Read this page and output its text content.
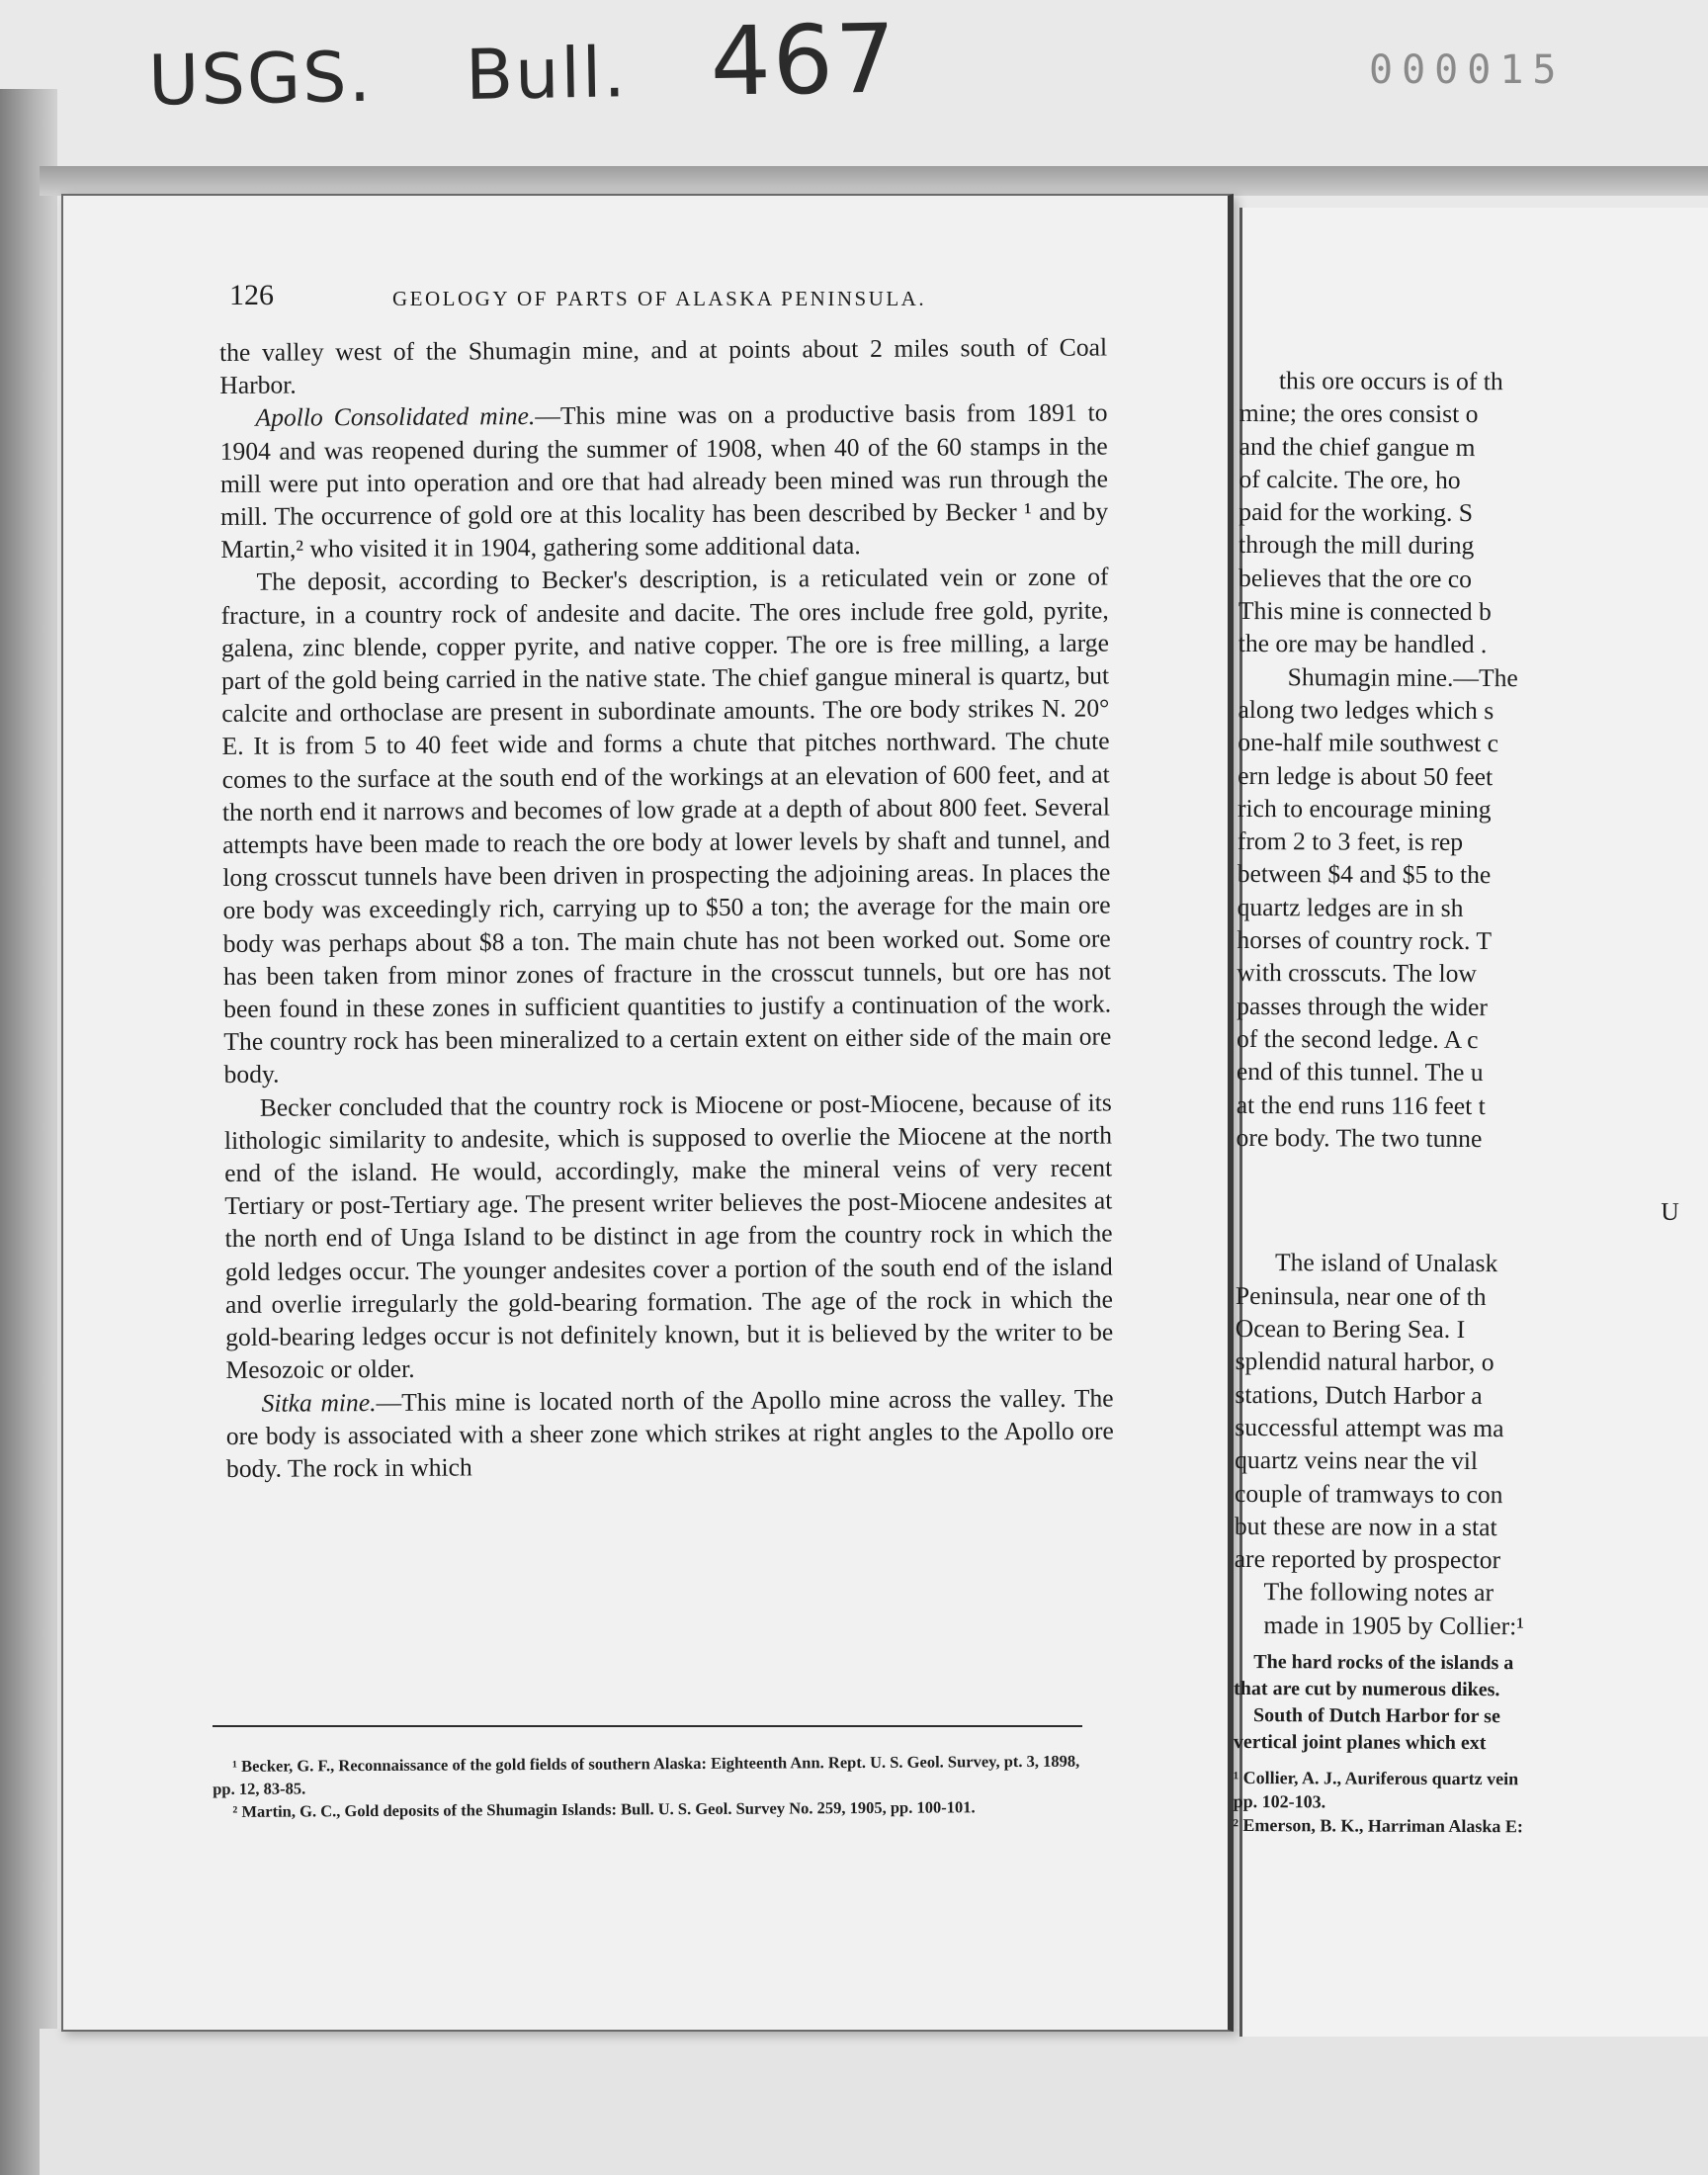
USGS. Bull. 467	000015
126	GEOLOGY OF PARTS OF ALASKA PENINSULA.

the valley west of the Shumagin mine, and at points about 2 miles south of Coal Harbor.

Apollo Consolidated mine.—This mine was on a productive basis from 1891 to 1904 and was reopened during the summer of 1908, when 40 of the 60 stamps in the mill were put into operation and ore that had already been mined was run through the mill. The occurrence of gold ore at this locality has been described by Becker ¹ and by Martin,² who visited it in 1904, gathering some additional data.

The deposit, according to Becker's description, is a reticulated vein or zone of fracture, in a country rock of andesite and dacite. The ores include free gold, pyrite, galena, zinc blende, copper pyrite, and native copper. The ore is free milling, a large part of the gold being carried in the native state. The chief gangue mineral is quartz, but calcite and orthoclase are present in subordinate amounts. The ore body strikes N. 20° E. It is from 5 to 40 feet wide and forms a chute that pitches northward. The chute comes to the surface at the south end of the workings at an elevation of 600 feet, and at the north end it narrows and becomes of low grade at a depth of about 800 feet. Several attempts have been made to reach the ore body at lower levels by shaft and tunnel, and long crosscut tunnels have been driven in prospecting the adjoining areas. In places the ore body was exceedingly rich, carrying up to $50 a ton; the average for the main ore body was perhaps about $8 a ton. The main chute has not been worked out. Some ore has been taken from minor zones of fracture in the crosscut tunnels, but ore has not been found in these zones in sufficient quantities to justify a continuation of the work. The country rock has been mineralized to a certain extent on either side of the main ore body.

Becker concluded that the country rock is Miocene or post-Miocene, because of its lithologic similarity to andesite, which is supposed to overlie the Miocene at the north end of the island. He would, accordingly, make the mineral veins of very recent Tertiary or post-Tertiary age. The present writer believes the post-Miocene andesites at the north end of Unga Island to be distinct in age from the country rock in which the gold ledges occur. The younger andesites cover a portion of the south end of the island and overlie irregularly the gold-bearing formation. The age of the rock in which the gold-bearing ledges occur is not definitely known, but it is believed by the writer to be Mesozoic or older.

Sitka mine.—This mine is located north of the Apollo mine across the valley. The ore body is associated with a sheer zone which strikes at right angles to the Apollo ore body. The rock in which

¹ Becker, G. F., Reconnaissance of the gold fields of southern Alaska: Eighteenth Ann. Rept. U. S. Geol. Survey, pt. 3, 1898, pp. 12, 83-85.

² Martin, G. C., Gold deposits of the Shumagin Islands: Bull. U. S. Geol. Survey No. 259, 1905, pp. 100-101.

this ore occurs is of th
mine; the ores consist o
and the chief gangue m
of calcite. The ore, ho
paid for the working. S
through the mill during
believes that the ore co
This mine is connected b
the ore may be handled .
Shumagin mine.—The
along two ledges which s
one-half mile southwest c
ern ledge is about 50 feet
rich to encourage mining
from 2 to 3 feet, is rep
between $4 and $5 to the
quartz ledges are in sh
horses of country rock. T
with crosscuts. The low
passes through the wider
of the second ledge. A c
end of this tunnel. The u
at the end runs 116 feet t
ore body. The two tunne
U
The island of Unalask
Peninsula, near one of th
Ocean to Bering Sea. I
splendid natural harbor, o
stations, Dutch Harbor a
successful attempt was ma
quartz veins near the vil
couple of tramways to con
but these are now in a stat
are reported by prospector
The following notes ar
made in 1905 by Collier:¹
The hard rocks of the islands a
that are cut by numerous dikes.
South of Dutch Harbor for se
vertical joint planes which ext
¹ Collier, A. J., Auriferous quartz vein
pp. 102-103.
² Emerson, B. K., Harriman Alaska E:
